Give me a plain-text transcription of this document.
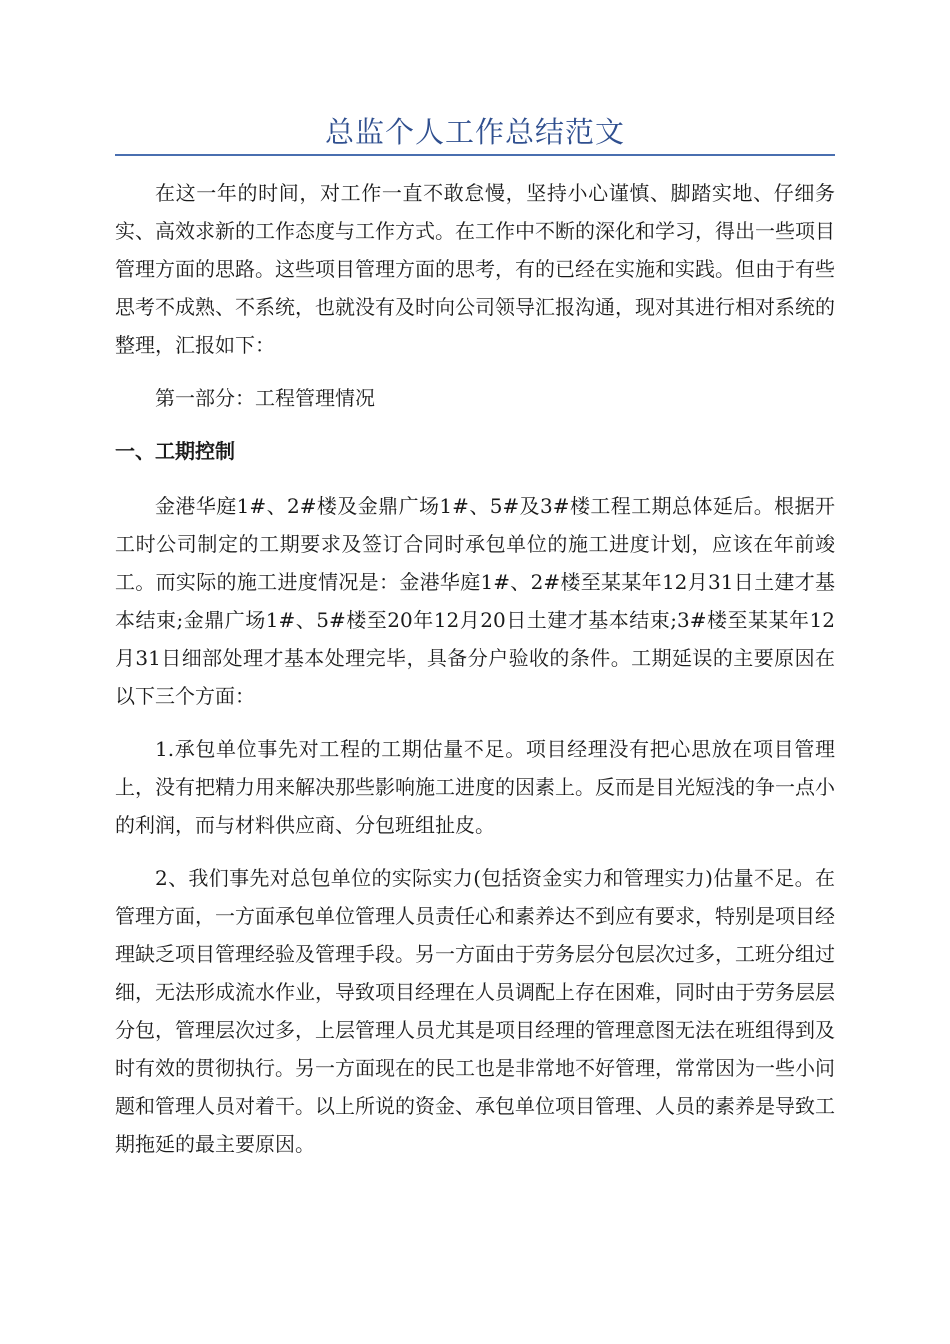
总监个人工作总结范文

在这一年的时间，对工作一直不敢怠慢，坚持小心谨慎、脚踏实地、仔细务实、高效求新的工作态度与工作方式。在工作中不断的深化和学习，得出一些项目管理方面的思路。这些项目管理方面的思考，有的已经在实施和实践。但由于有些思考不成熟、不系统，也就没有及时向公司领导汇报沟通，现对其进行相对系统的整理，汇报如下：

第一部分：工程管理情况

一、工期控制

金港华庭1#、2#楼及金鼎广场1#、5#及3#楼工程工期总体延后。根据开工时公司制定的工期要求及签订合同时承包单位的施工进度计划，应该在年前竣工。而实际的施工进度情况是：金港华庭1#、2#楼至某某年12月31日土建才基本结束;金鼎广场1#、5#楼至20年12月20日土建才基本结束;3#楼至某某年12月31日细部处理才基本处理完毕，具备分户验收的条件。工期延误的主要原因在以下三个方面：

1.承包单位事先对工程的工期估量不足。项目经理没有把心思放在项目管理上，没有把精力用来解决那些影响施工进度的因素上。反而是目光短浅的争一点小的利润，而与材料供应商、分包班组扯皮。

2、我们事先对总包单位的实际实力(包括资金实力和管理实力)估量不足。在管理方面，一方面承包单位管理人员责任心和素养达不到应有要求，特别是项目经理缺乏项目管理经验及管理手段。另一方面由于劳务层分包层次过多，工班分组过细，无法形成流水作业，导致项目经理在人员调配上存在困难，同时由于劳务层层分包，管理层次过多，上层管理人员尤其是项目经理的管理意图无法在班组得到及时有效的贯彻执行。另一方面现在的民工也是非常地不好管理，常常因为一些小问题和管理人员对着干。以上所说的资金、承包单位项目管理、人员的素养是导致工期拖延的最主要原因。
